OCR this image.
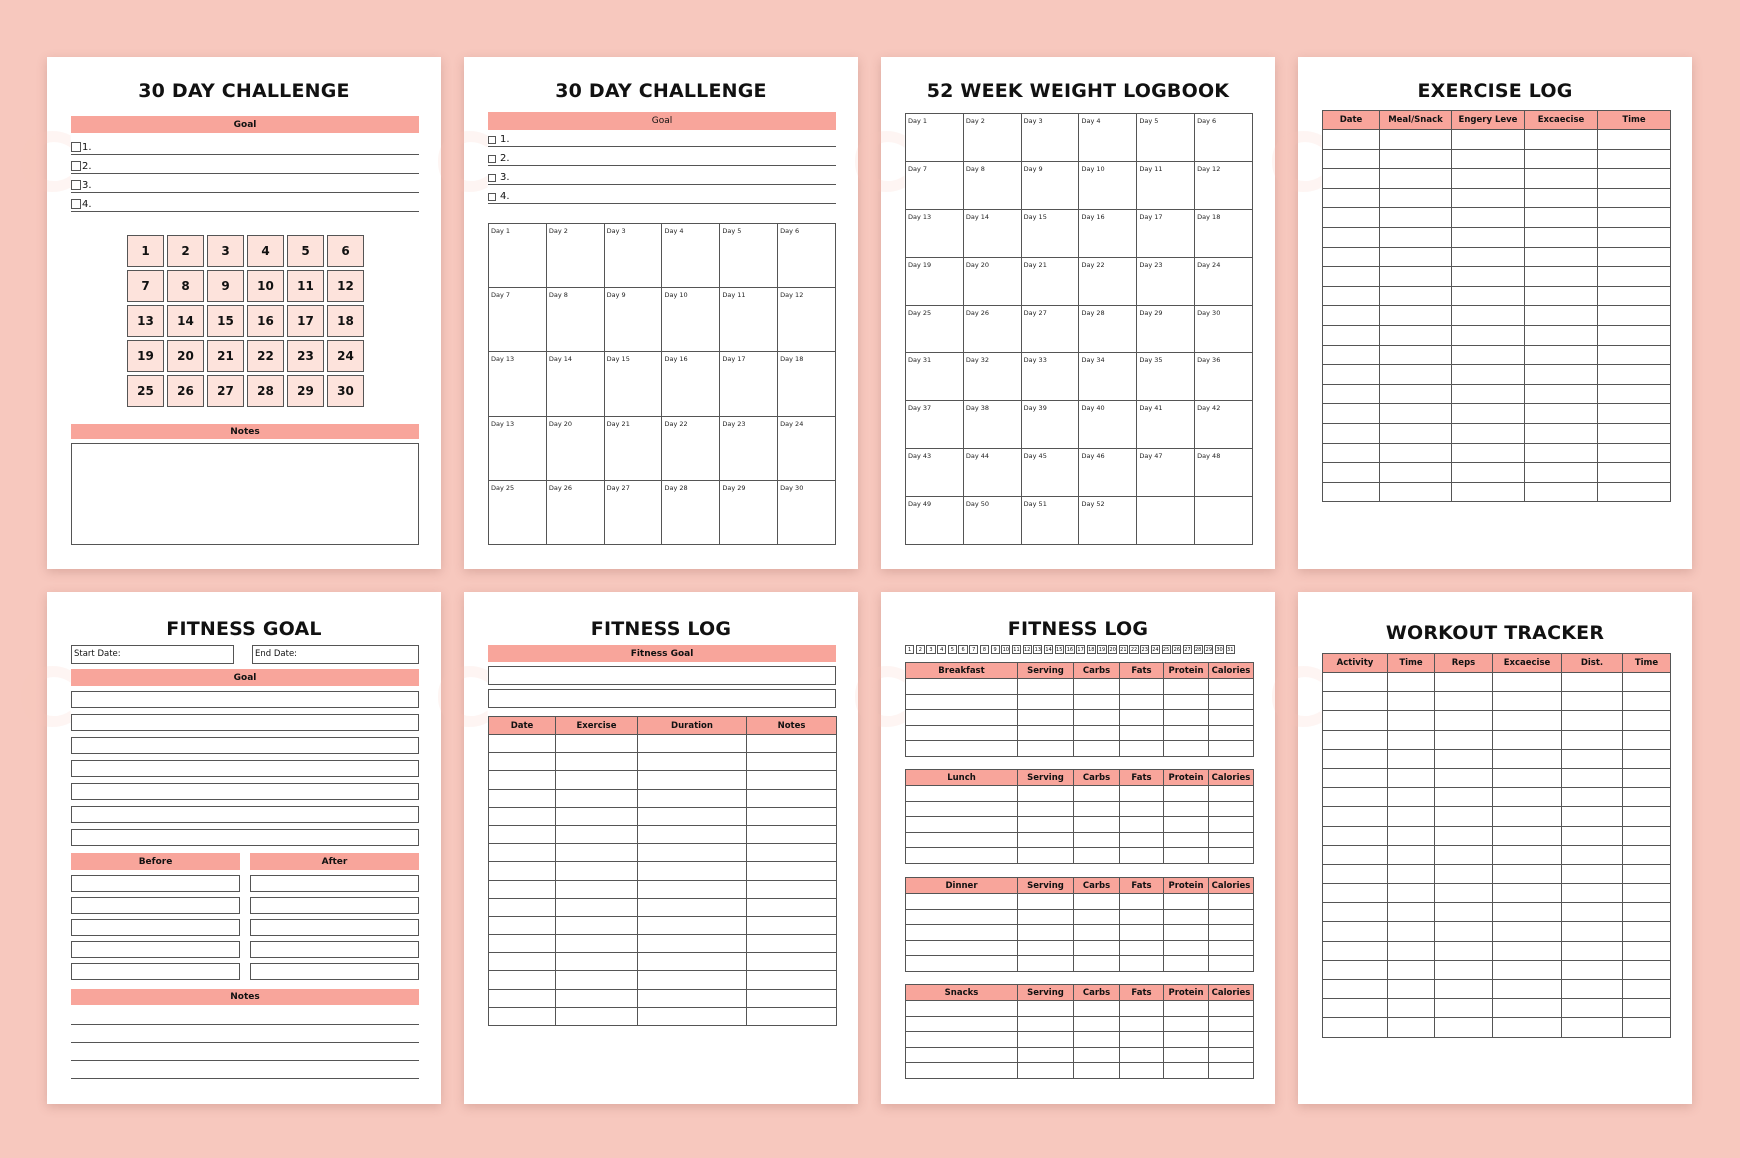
30 DAY CHALLENGE
Goal
1.
2.
3.
4.
1	2	3	4	5	6
7	8	9	10	11	12
13	14	15	16	17	18
19	20	21	22	23	24
25	26	27	28	29	30
Notes
C
30 DAY CHALLENGE
Goal
1.
2.
3.
4.
Day 1	Day 2	Day 3	Day 4	Day 5	Day 6
Day 7	Day 8	Day 9	Day 10	Day 11	Day 12
Day 13	Day 14	Day 15	Day 16	Day 17	Day 18
Day 13	Day 20	Day 21	Day 22	Day 23	Day 24
Day 25	Day 26	Day 27	Day 28	Day 29	Day 30
C
52 WEEK WEIGHT LOGBOOK
Day 1	Day 2	Day 3	Day 4	Day 5	Day 6
Day 7	Day 8	Day 9	Day 10	Day 11	Day 12
Day 13	Day 14	Day 15	Day 16	Day 17	Day 18
Day 19	Day 20	Day 21	Day 22	Day 23	Day 24
Day 25	Day 26	Day 27	Day 28	Day 29	Day 30
Day 31	Day 32	Day 33	Day 34	Day 35	Day 36
Day 37	Day 38	Day 39	Day 40	Day 41	Day 42
Day 43	Day 44	Day 45	Day 46	Day 47	Day 48
Day 49	Day 50	Day 51	Day 52
C
EXERCISE LOG
Date	Meal/Snack	Engery Leve	Excaecise	Time

C
FITNESS GOAL
Start Date:	End Date:
Goal
Before	After
Notes
C
FITNESS LOG
Fitness Goal
Date	Exercise	Duration	Notes

C
FITNESS LOG
1	2	3	4	5	6	7	8	9	10 11 12 13 14 15 16 17 18 19 20 21 22 23 24 25 26 27 28 29 30 31
Breakfast	Serving	Carbs	Fats	Protein	Calories

Lunch	Serving	Carbs	Fats	Protein	Calories

Dinner	Serving	Carbs	Fats	Protein	Calories

Snacks	Serving	Carbs	Fats	Protein	Calories

C
WORKOUT TRACKER
Activity	Time	Reps	Excaecise	Dist.	Time

C
